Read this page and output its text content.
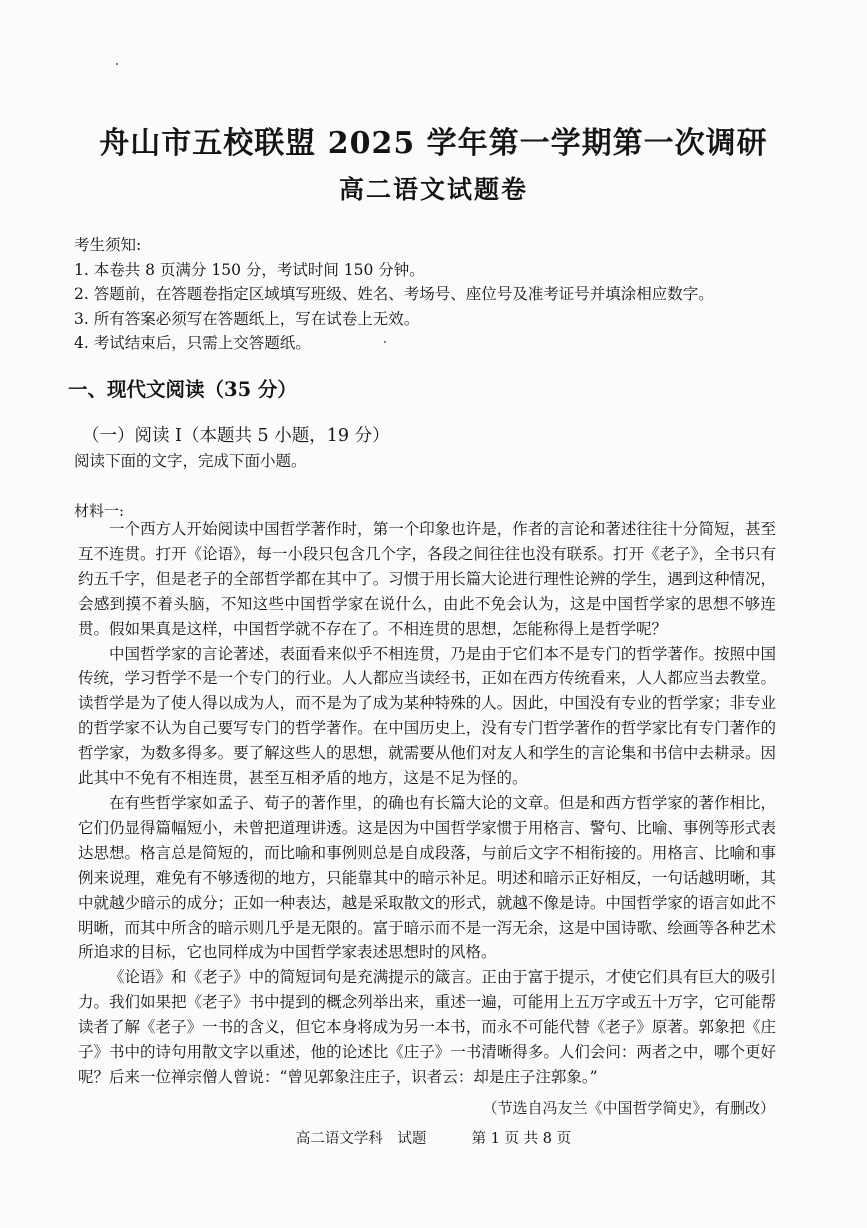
舟山市五校联盟 2025 学年第一学期第一次调研
高二语文试题卷
考生须知:
1. 本卷共 8 页满分 150 分，考试时间 150 分钟。
2. 答题前，在答题卷指定区域填写班级、姓名、考场号、座位号及准考证号并填涂相应数字。
3. 所有答案必须写在答题纸上，写在试卷上无效。
4. 考试结束后，只需上交答题纸。
一、现代文阅读（35 分）
（一）阅读 I（本题共 5 小题，19 分）
阅读下面的文字，完成下面小题。
材料一:

一个西方人开始阅读中国哲学著作时，第一个印象也许是，作者的言论和著述往往十分简短，甚至互不连贯。打开《论语》，每一小段只包含几个字，各段之间往往也没有联系。打开《老子》，全书只有约五千字，但是老子的全部哲学都在其中了。习惯于用长篇大论进行理性论辨的学生，遇到这种情况，会感到摸不着头脑，不知这些中国哲学家在说什么，由此不免会认为，这是中国哲学家的思想不够连贯。假如果真是这样，中国哲学就不存在了。不相连贯的思想，怎能称得上是哲学呢？

中国哲学家的言论著述，表面看来似乎不相连贯，乃是由于它们本不是专门的哲学著作。按照中国传统，学习哲学不是一个专门的行业。人人都应当读经书，正如在西方传统看来，人人都应当去教堂。读哲学是为了使人得以成为人，而不是为了成为某种特殊的人。因此，中国没有专业的哲学家；非专业的哲学家不认为自己要写专门的哲学著作。在中国历史上，没有专门哲学著作的哲学家比有专门著作的哲学家，为数多得多。要了解这些人的思想，就需要从他们对友人和学生的言论集和书信中去耕录。因此其中不免有不相连贯，甚至互相矛盾的地方，这是不足为怪的。

在有些哲学家如孟子、荀子的著作里，的确也有长篇大论的文章。但是和西方哲学家的著作相比，它们仍显得篇幅短小，未曾把道理讲透。这是因为中国哲学家惯于用格言、警句、比喻、事例等形式表达思想。格言总是简短的，而比喻和事例则总是自成段落，与前后文字不相衔接的。用格言、比喻和事例来说理，难免有不够透彻的地方，只能靠其中的暗示补足。明述和暗示正好相反，一句话越明晰，其中就越少暗示的成分；正如一种表达，越是采取散文的形式，就越不像是诗。中国哲学家的语言如此不明晰，而其中所含的暗示则几乎是无限的。富于暗示而不是一泻无余，这是中国诗歌、绘画等各种艺术所追求的目标，它也同样成为中国哲学家表述思想时的风格。

《论语》和《老子》中的简短词句是充满提示的箴言。正由于富于提示，才使它们具有巨大的吸引力。我们如果把《老子》书中提到的概念列举出来，重述一遍，可能用上五万字或五十万字，它可能帮读者了解《老子》一书的含义，但它本身将成为另一本书，而永不可能代替《老子》原著。郭象把《庄子》书中的诗句用散文字以重述，他的论述比《庄子》一书清晰得多。人们会问：两者之中，哪个更好呢？后来一位禅宗僧人曾说：“曾见郭象注庄子，识者云：却是庄子注郭象。”

（节选自冯友兰《中国哲学简史》，有删改）
高二语文学科　试题	第 1 页 共 8 页
